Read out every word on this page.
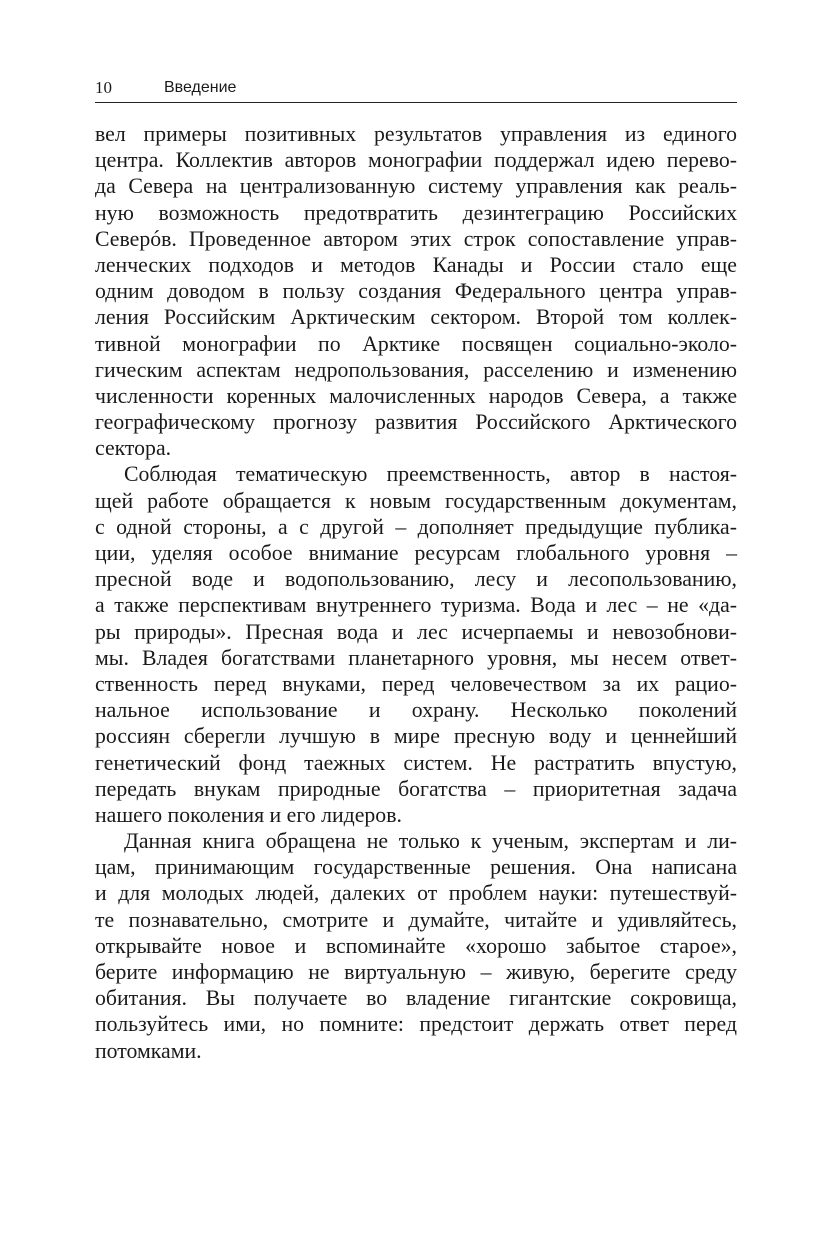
10	Введение
вел примеры позитивных результатов управления из единого
центра. Коллектив авторов монографии поддержал идею перево-
да Севера на централизованную систему управления как реаль-
ную возможность предотвратить дезинтеграцию Российских
Северóв. Проведенное автором этих строк сопоставление управ-
ленческих подходов и методов Канады и России стало еще
одним доводом в пользу создания Федерального центра управ-
ления Российским Арктическим сектором. Второй том коллек-
тивной монографии по Арктике посвящен социально-эколо-
гическим аспектам недропользования, расселению и изменению
численности коренных малочисленных народов Севера, а также
географическому прогнозу развития Российского Арктического
сектора.
Соблюдая тематическую преемственность, автор в настоя-
щей работе обращается к новым государственным документам,
с одной стороны, а с другой – дополняет предыдущие публика-
ции, уделяя особое внимание ресурсам глобального уровня –
пресной воде и водопользованию, лесу и лесопользованию,
а также перспективам внутреннего туризма. Вода и лес – не «да-
ры природы». Пресная вода и лес исчерпаемы и невозобнови-
мы. Владея богатствами планетарного уровня, мы несем ответ-
ственность перед внуками, перед человечеством за их рацио-
нальное использование и охрану. Несколько поколений
россиян сберегли лучшую в мире пресную воду и ценнейший
генетический фонд таежных систем. Не растратить впустую,
передать внукам природные богатства – приоритетная задача
нашего поколения и его лидеров.
Данная книга обращена не только к ученым, экспертам и ли-
цам, принимающим государственные решения. Она написана
и для молодых людей, далеких от проблем науки: путешествуй-
те познавательно, смотрите и думайте, читайте и удивляйтесь,
открывайте новое и вспоминайте «хорошо забытое старое»,
берите информацию не виртуальную – живую, берегите среду
обитания. Вы получаете во владение гигантские сокровища,
пользуйтесь ими, но помните: предстоит держать ответ перед
потомками.
